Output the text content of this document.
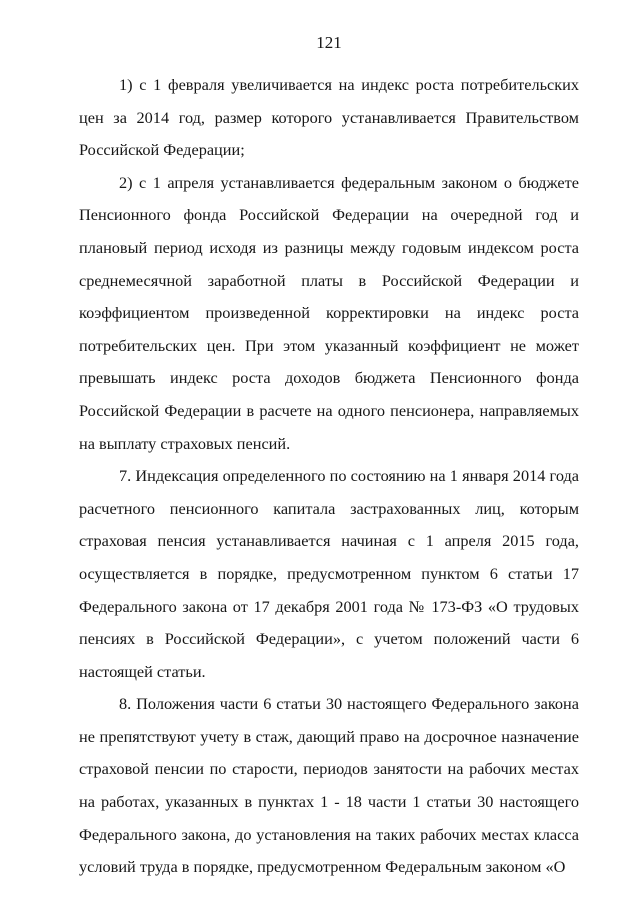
121

1) с 1 февраля увеличивается на индекс роста потребительских цен за 2014 год, размер которого устанавливается Правительством Российской Федерации;

2) с 1 апреля устанавливается федеральным законом о бюджете Пенсионного фонда Российской Федерации на очередной год и плановый период исходя из разницы между годовым индексом роста среднемесячной заработной платы в Российской Федерации и коэффициентом произведенной корректировки на индекс роста потребительских цен. При этом указанный коэффициент не может превышать индекс роста доходов бюджета Пенсионного фонда Российской Федерации в расчете на одного пенсионера, направляемых на выплату страховых пенсий.

7. Индексация определенного по состоянию на 1 января 2014 года расчетного пенсионного капитала застрахованных лиц, которым страховая пенсия устанавливается начиная с 1 апреля 2015 года, осуществляется в порядке, предусмотренном пунктом 6 статьи 17 Федерального закона от 17 декабря 2001 года № 173-ФЗ «О трудовых пенсиях в Российской Федерации», с учетом положений части 6 настоящей статьи.

8. Положения части 6 статьи 30 настоящего Федерального закона не препятствуют учету в стаж, дающий право на досрочное назначение страховой пенсии по старости, периодов занятости на рабочих местах на работах, указанных в пунктах 1 - 18 части 1 статьи 30 настоящего Федерального закона, до установления на таких рабочих местах класса условий труда в порядке, предусмотренном Федеральным законом «О
